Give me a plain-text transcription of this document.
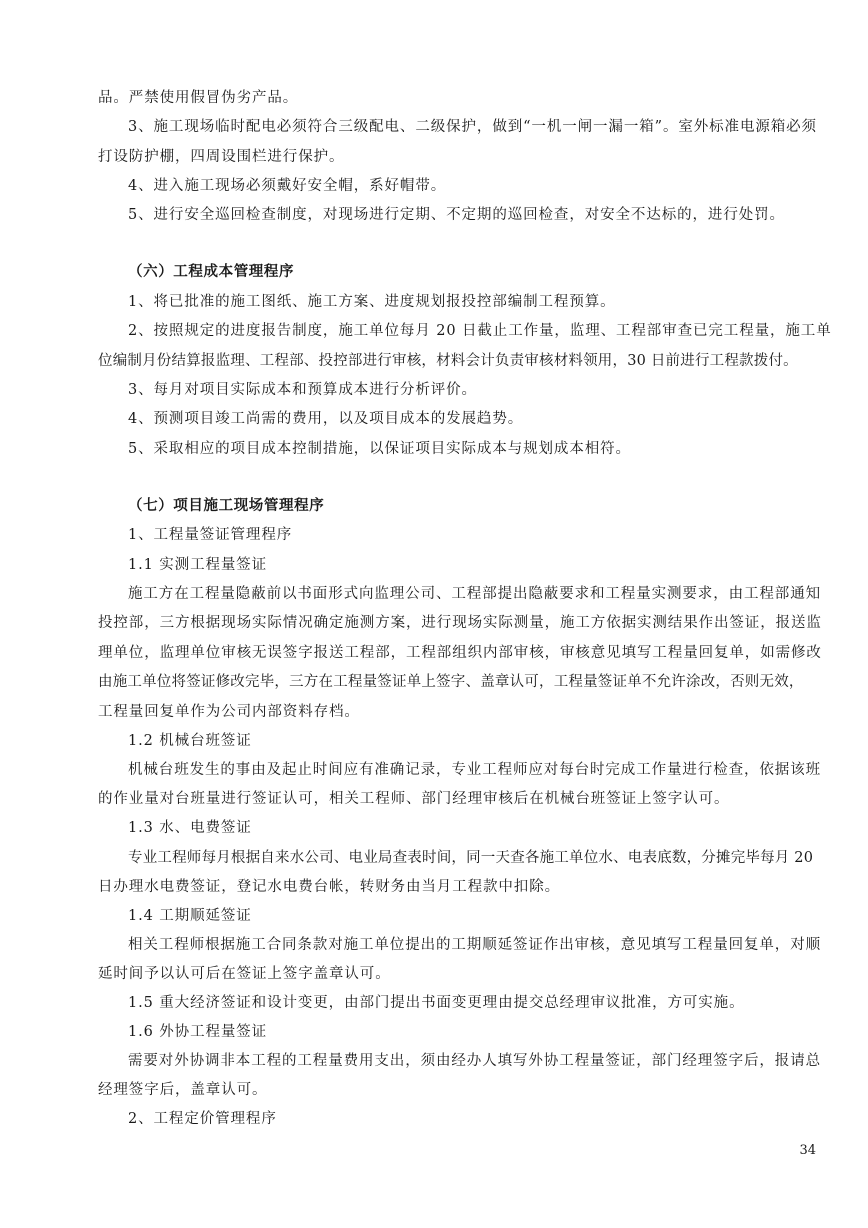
品。严禁使用假冒伪劣产品。
3、施工现场临时配电必须符合三级配电、二级保护，做到“一机一闸一漏一箱”。室外标准电源箱必须
打设防护棚，四周设围栏进行保护。
4、进入施工现场必须戴好安全帽，系好帽带。
5、进行安全巡回检查制度，对现场进行定期、不定期的巡回检查，对安全不达标的，进行处罚。
（六）工程成本管理程序
1、将已批准的施工图纸、施工方案、进度规划报投控部编制工程预算。
2、按照规定的进度报告制度，施工单位每月 20 日截止工作量，监理、工程部审查已完工程量，施工单
位编制月份结算报监理、工程部、投控部进行审核，材料会计负责审核材料领用，30 日前进行工程款拨付。
3、每月对项目实际成本和预算成本进行分析评价。
4、预测项目竣工尚需的费用，以及项目成本的发展趋势。
5、采取相应的项目成本控制措施，以保证项目实际成本与规划成本相符。
（七）项目施工现场管理程序
1、工程量签证管理程序
1.1 实测工程量签证
施工方在工程量隐蔽前以书面形式向监理公司、工程部提出隐蔽要求和工程量实测要求，由工程部通知
投控部，三方根据现场实际情况确定施测方案，进行现场实际测量，施工方依据实测结果作出签证，报送监
理单位，监理单位审核无误签字报送工程部，工程部组织内部审核，审核意见填写工程量回复单，如需修改
由施工单位将签证修改完毕，三方在工程量签证单上签字、盖章认可，工程量签证单不允许涂改，否则无效，
工程量回复单作为公司内部资料存档。
1.2 机械台班签证
机械台班发生的事由及起止时间应有准确记录，专业工程师应对每台时完成工作量进行检查，依据该班
的作业量对台班量进行签证认可，相关工程师、部门经理审核后在机械台班签证上签字认可。
1.3 水、电费签证
专业工程师每月根据自来水公司、电业局查表时间，同一天查各施工单位水、电表底数，分摊完毕每月 20
日办理水电费签证，登记水电费台帐，转财务由当月工程款中扣除。
1.4 工期顺延签证
相关工程师根据施工合同条款对施工单位提出的工期顺延签证作出审核，意见填写工程量回复单，对顺
延时间予以认可后在签证上签字盖章认可。
1.5 重大经济签证和设计变更，由部门提出书面变更理由提交总经理审议批准，方可实施。
1.6 外协工程量签证
需要对外协调非本工程的工程量费用支出，须由经办人填写外协工程量签证，部门经理签字后，报请总
经理签字后，盖章认可。
2、工程定价管理程序
34
